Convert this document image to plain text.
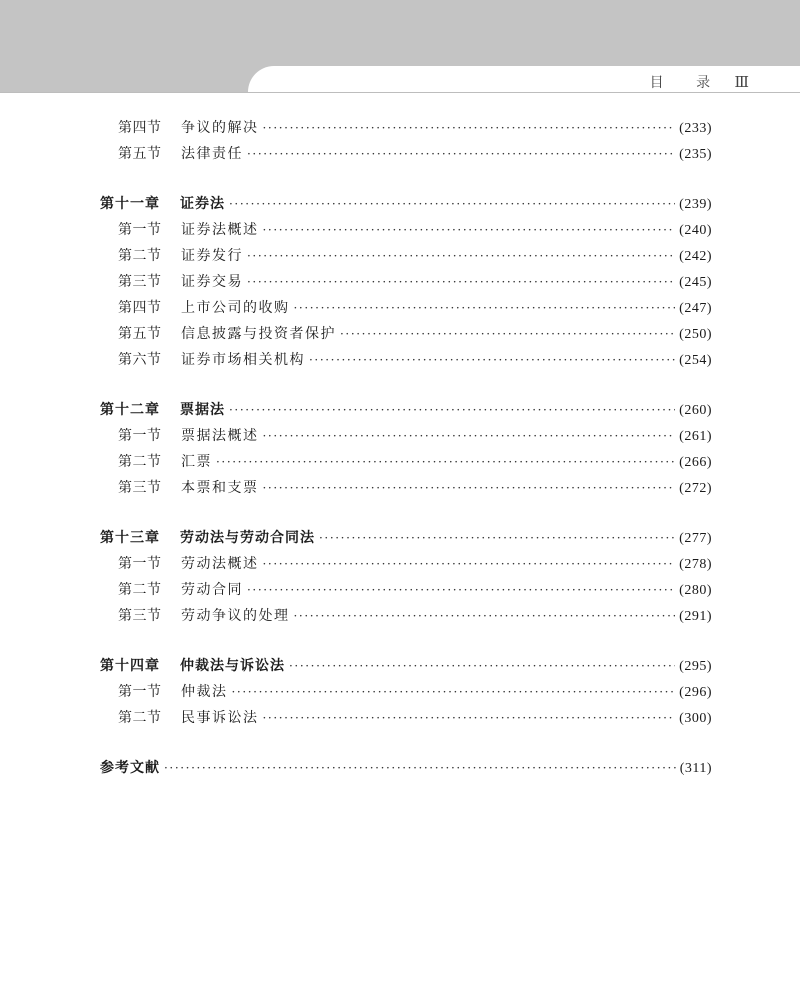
目 录 Ⅲ
第四节	争议的解决 ·····	(233)
第五节	法律责任 ·····	(235)
第十一章	证券法 ·····	(239)
第一节	证券法概述 ·····	(240)
第二节	证券发行 ·····	(242)
第三节	证券交易 ·····	(245)
第四节	上市公司的收购 ·····	(247)
第五节	信息披露与投资者保护 ·····	(250)
第六节	证券市场相关机构 ·····	(254)
第十二章	票据法 ·····	(260)
第一节	票据法概述 ·····	(261)
第二节	汇票 ·····	(266)
第三节	本票和支票 ·····	(272)
第十三章	劳动法与劳动合同法 ·····	(277)
第一节	劳动法概述 ·····	(278)
第二节	劳动合同 ·····	(280)
第三节	劳动争议的处理 ·····	(291)
第十四章	仲裁法与诉讼法 ·····	(295)
第一节	仲裁法 ·····	(296)
第二节	民事诉讼法 ·····	(300)
参考文献 ·····	(311)
